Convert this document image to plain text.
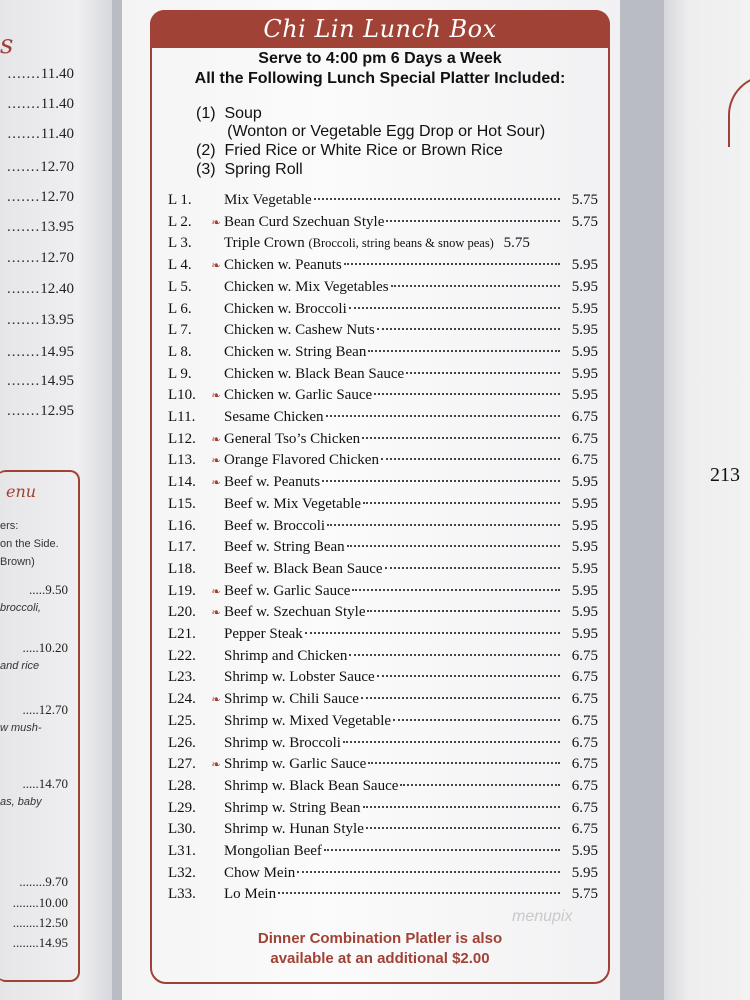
s
.......11.40
.......11.40
.......11.40
.......12.70
.......12.70
.......13.95
.......12.70
.......12.40
.......13.95
.......14.95
.......14.95
.......12.95
enu
ers:
on the Side.
Brown)
.....9.50
broccoli,
.....10.20
and rice
.....12.70
w mush-
.....14.70
as, baby
........9.70
........10.00
........12.50
........14.95
Chi Lin Lunch Box
Serve to 4:00 pm 6 Days a Week
All the Following Lunch Special Platter Included:
(1)  Soup
(Wonton or Vegetable Egg Drop or Hot Sour)
(2)  Fried Rice or White Rice or Brown Rice
(3)  Spring Roll
L 1.	Mix Vegetable	5.75
L 2.	❧ Bean Curd Szechuan Style	5.75
L 3.	Triple Crown (Broccoli, string beans & snow peas) 5.75
L 4.	❧ Chicken w. Peanuts	5.95
L 5.	Chicken w. Mix Vegetables	5.95
L 6.	Chicken w. Broccoli	5.95
L 7.	Chicken w. Cashew Nuts	5.95
L 8.	Chicken w. String Bean	5.95
L 9.	Chicken w. Black Bean Sauce	5.95
L10.	❧ Chicken w. Garlic Sauce	5.95
L11.	Sesame Chicken	6.75
L12.	❧ General Tso’s Chicken	6.75
L13.	❧ Orange Flavored Chicken	6.75
L14.	❧ Beef w. Peanuts	5.95
L15.	Beef w. Mix Vegetable	5.95
L16.	Beef w. Broccoli	5.95
L17.	Beef w. String Bean	5.95
L18.	Beef w. Black Bean Sauce	5.95
L19.	❧ Beef w. Garlic Sauce	5.95
L20.	❧ Beef w. Szechuan Style	5.95
L21.	Pepper Steak	5.95
L22.	Shrimp and Chicken	6.75
L23.	Shrimp w. Lobster Sauce	6.75
L24.	❧ Shrimp w. Chili Sauce	6.75
L25.	Shrimp w. Mixed Vegetable	6.75
L26.	Shrimp w. Broccoli	6.75
L27.	❧ Shrimp w. Garlic Sauce	6.75
L28.	Shrimp w. Black Bean Sauce	6.75
L29.	Shrimp w. String Bean	6.75
L30.	Shrimp w. Hunan Style	6.75
L31.	Mongolian Beef	5.95
L32.	Chow Mein	5.95
L33.	Lo Mein	5.75
Dinner Combination Platler is also
available at an additional $2.00
menupix
213
